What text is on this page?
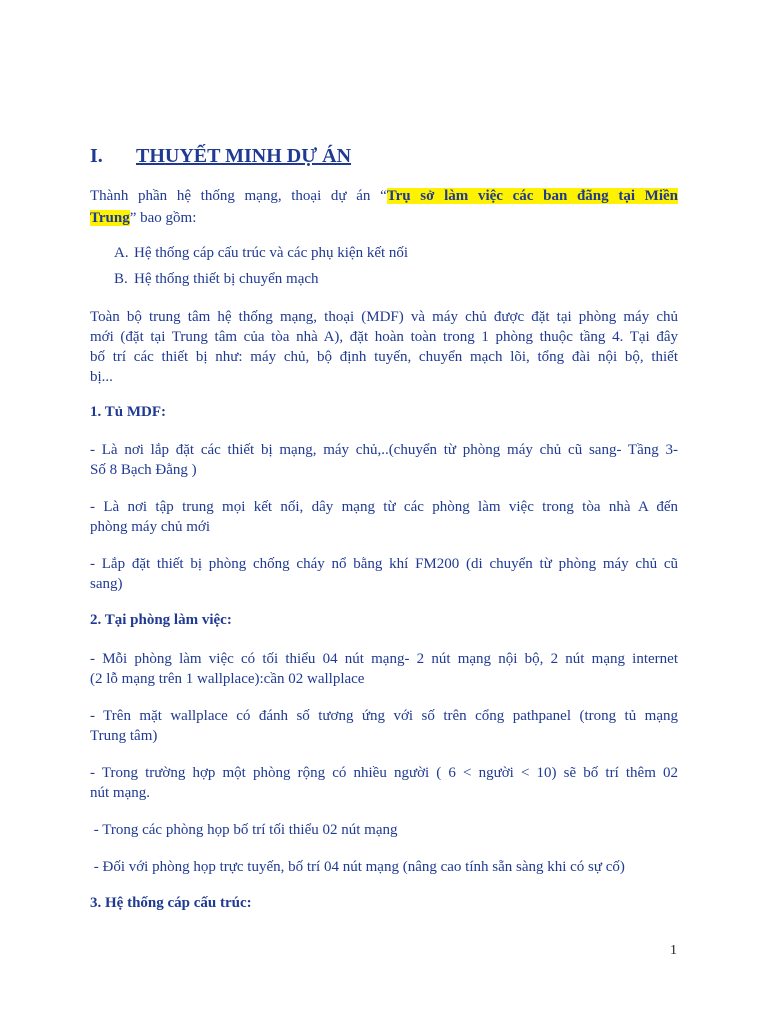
I. THUYẾT MINH DỰ ÁN
Thành phần hệ thống mạng, thoại dự án “Trụ sở làm việc các ban đãng tại Miền
Trung” bao gồm:
A. Hệ thống cáp cấu trúc và các phụ kiện kết nối
B. Hệ thống thiết bị chuyển mạch
Toàn bộ trung tâm hệ thống mạng, thoại (MDF) và máy chủ được đặt tại phòng máy chủ
mới (đặt tại Trung tâm của tòa nhà A), đặt hoàn toàn trong 1 phòng thuộc tầng 4. Tại đây
bố trí các thiết bị như: máy chủ, bộ định tuyến, chuyển mạch lõi, tổng đài nội bộ, thiết
bị...
1. Tủ MDF:
- Là nơi lắp đặt các thiết bị mạng, máy chủ,..(chuyển từ phòng máy chủ cũ sang- Tầng 3-
Số 8 Bạch Đằng )
- Là nơi tập trung mọi kết nối, dây mạng từ các phòng làm việc trong tòa nhà A đến
phòng máy chủ mới
- Lắp đặt thiết bị phòng chống cháy nổ bằng khí FM200 (di chuyển từ phòng máy chủ cũ
sang)
2. Tại phòng làm việc:
- Mỗi phòng làm việc có tối thiểu 04 nút mạng- 2 nút mạng nội bộ, 2 nút mạng internet
(2 lỗ mạng trên 1 wallplace):cần 02 wallplace
- Trên mặt wallplace có đánh số tương ứng với số trên cổng pathpanel (trong tủ mạng
Trung tâm)
- Trong trường hợp một phòng rộng có nhiều người ( 6 < người < 10) sẽ bố trí thêm 02
nút mạng.
- Trong các phòng họp bố trí tối thiểu 02 nút mạng
- Đối với phòng họp trực tuyến, bố trí 04 nút mạng (nâng cao tính sẵn sàng khi có sự cố)
3. Hệ thống cáp cấu trúc:
1
